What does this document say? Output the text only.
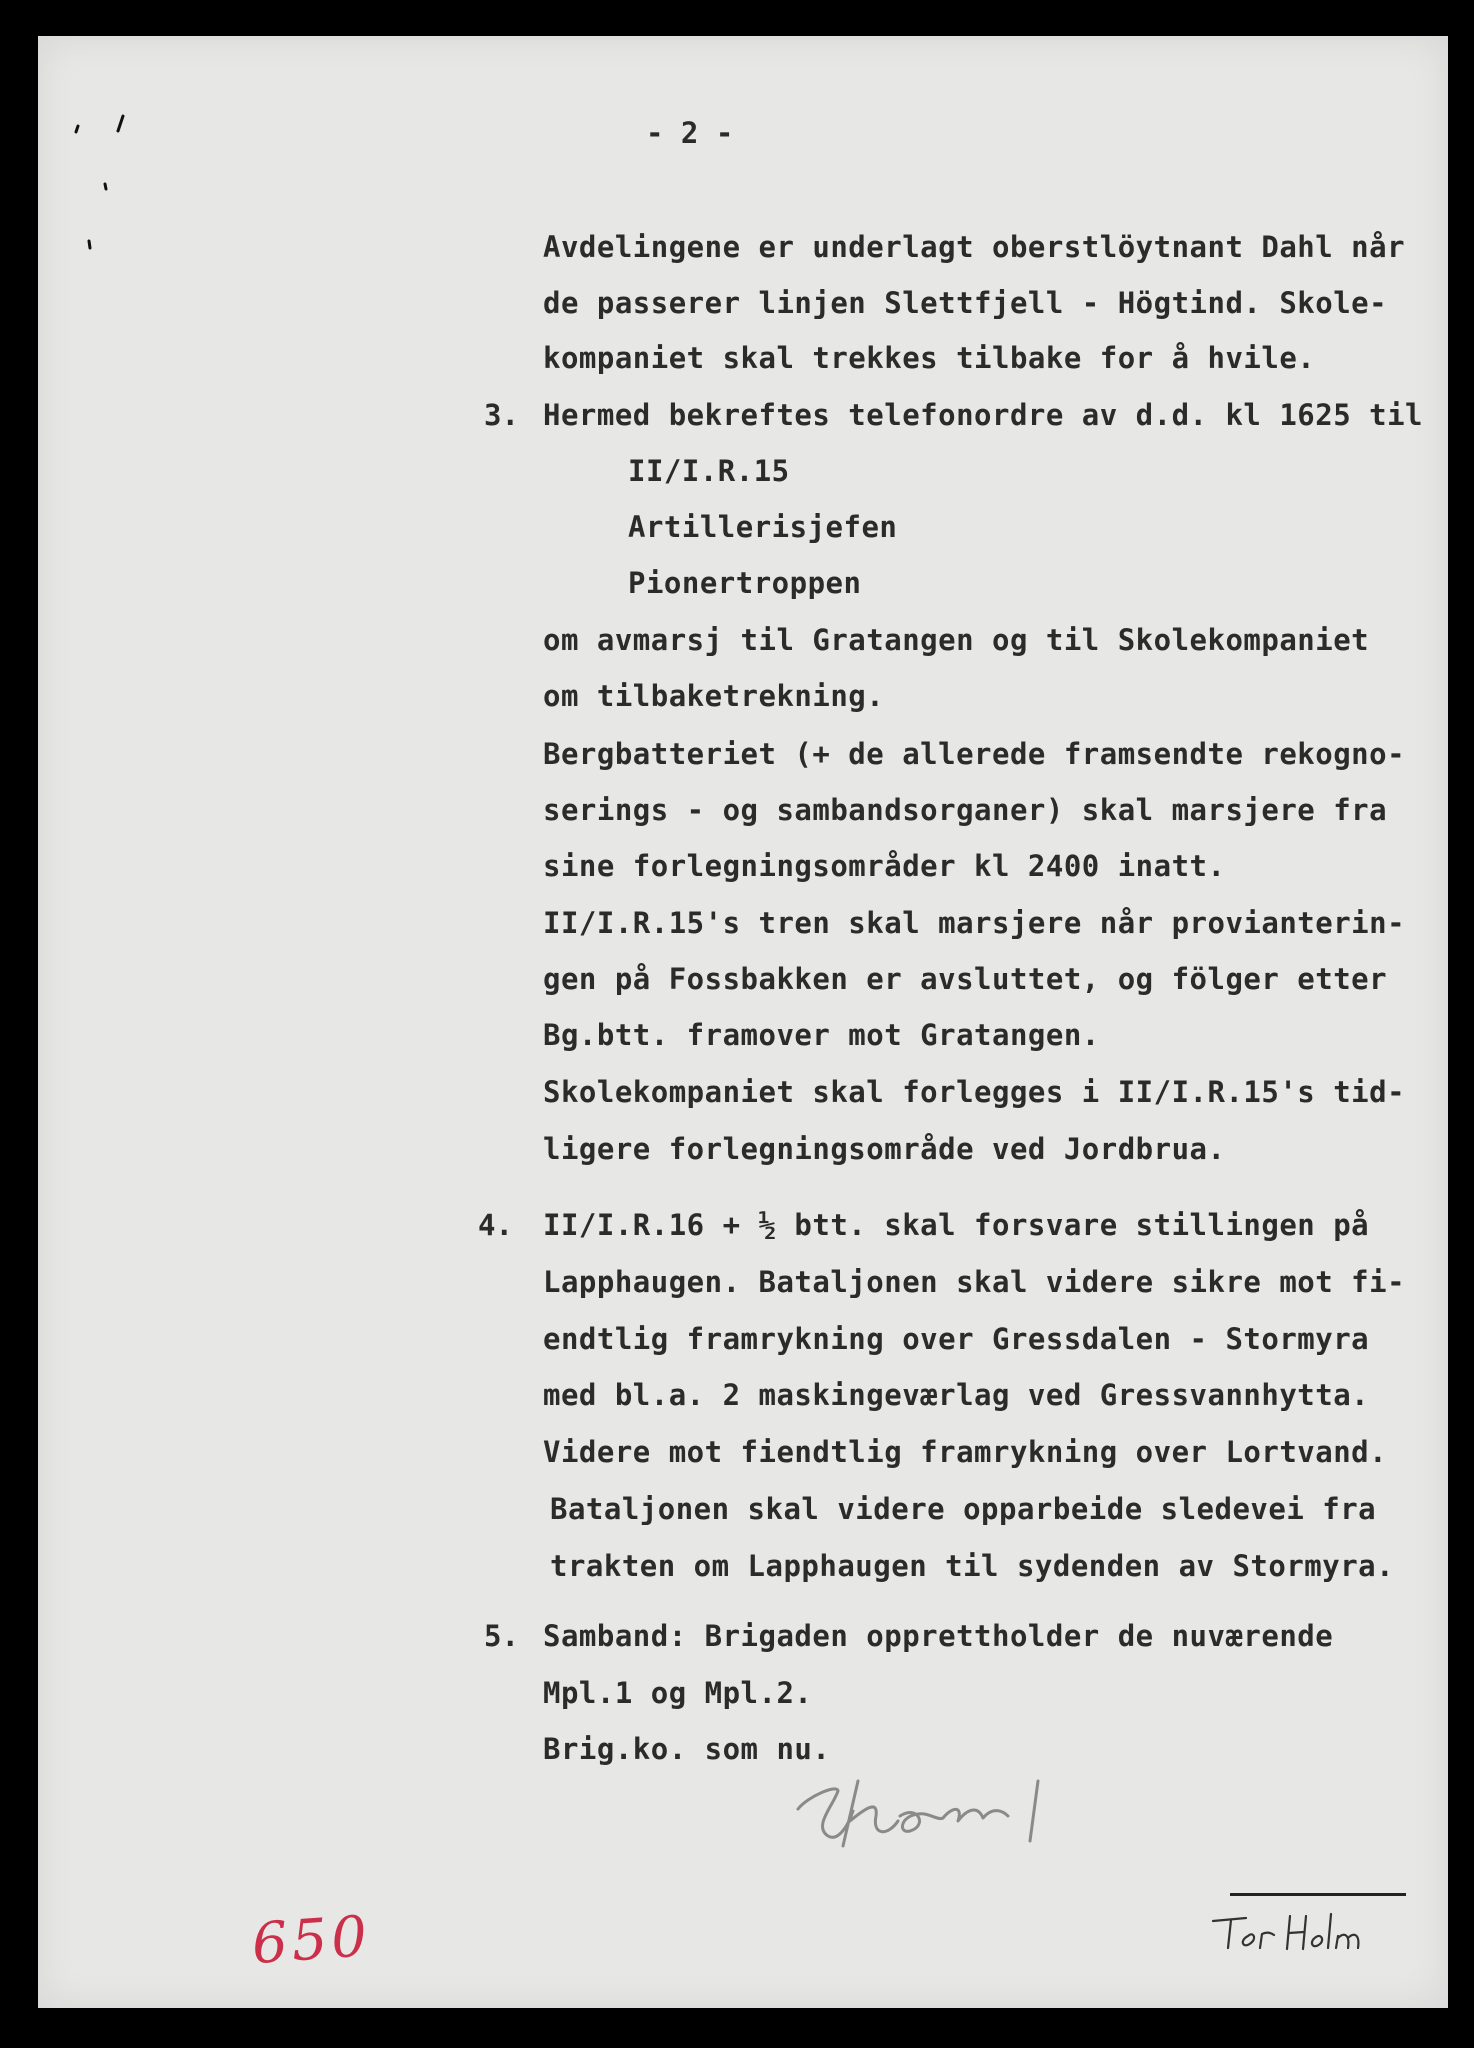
- 2 -
Avdelingene er underlagt oberstlöytnant Dahl når
de passerer linjen Slettfjell - Högtind. Skole-
kompaniet skal trekkes tilbake for å hvile.
3. Hermed bekreftes telefonordre av d.d. kl 1625 til
II/I.R.15
Artillerisjefen
Pionertroppen
om avmarsj til Gratangen og til Skolekompaniet
om tilbaketrekning.
Bergbatteriet (+ de allerede framsendte rekogno-
serings - og sambandsorganer) skal marsjere fra
sine forlegningsområder kl 2400 inatt.
II/I.R.15's tren skal marsjere når provianterin-
gen på Fossbakken er avsluttet, og fölger etter
Bg.btt. framover mot Gratangen.
Skolekompaniet skal forlegges i II/I.R.15's tid-
ligere forlegningsområde ved Jordbrua.
4. II/I.R.16 + ½ btt. skal forsvare stillingen på
Lapphaugen. Bataljonen skal videre sikre mot fi-
endtlig framrykning over Gressdalen - Stormyra
med bl.a. 2 maskingeværlag ved Gressvannhytta.
Videre mot fiendtlig framrykning over Lortvand.
Bataljonen skal videre opparbeide sledevei fra
trakten om Lapphaugen til sydenden av Stormyra.
5. Samband: Brigaden opprettholder de nuværende
Mpl.1 og Mpl.2.
Brig.ko. som nu.
650
